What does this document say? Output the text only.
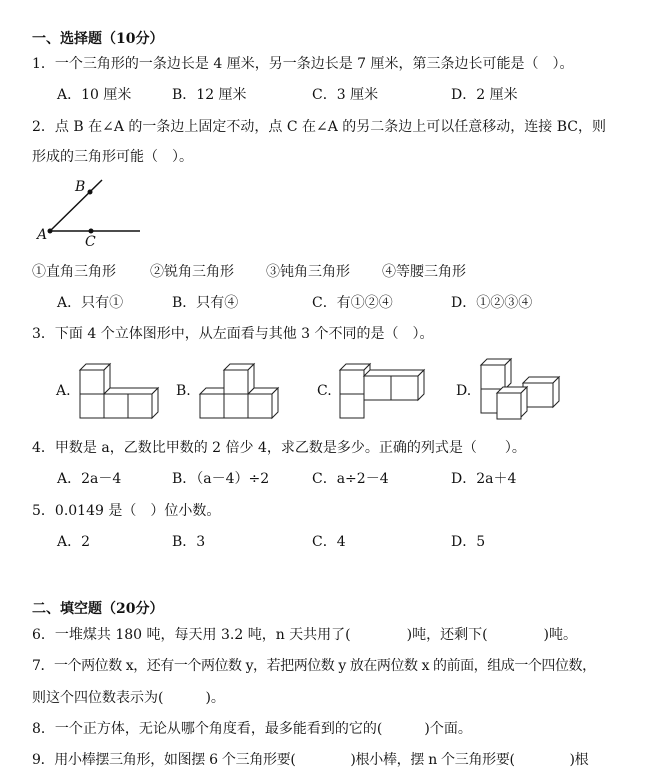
一、选择题（10分）
1．一个三角形的一条边长是 4 厘米，另一条边长是 7 厘米，第三条边长可能是（　）。
A．10 厘米	B．12 厘米	C．3 厘米	D．2 厘米
2．点 B 在∠A 的一条边上固定不动，点 C 在∠A 的另二条边上可以任意移动，连接 BC，则
形成的三角形可能（　）。
B
A	C
①直角三角形 ②锐角三角形 ③钝角三角形 ④等腰三角形
A．只有①	B．只有④	C．有①②④	D．①②③④
3．下面 4 个立体图形中，从左面看与其他 3 个不同的是（　）。
A.	B.	C.	D.
4．甲数是 a，乙数比甲数的 2 倍少 4，求乙数是多少。正确的列式是（　　）。
A．2a－4	B．（a－4）÷2	C．a÷2－4	D．2a＋4
5．0.0149 是（　）位小数。
A．2	B．3	C．4	D．5
二、填空题（20分）
6．一堆煤共 180 吨，每天用 3.2 吨，n 天共用了(　　　　)吨，还剩下(　　　　)吨。
7．一个两位数 x，还有一个两位数 y，若把两位数 y 放在两位数 x 的前面，组成一个四位数，
则这个四位数表示为(　　　)。
8．一个正方体，无论从哪个角度看，最多能看到的它的(　　　)个面。
9．用小棒摆三角形，如图摆 6 个三角形要(　　　　)根小棒，摆 n 个三角形要(　　　　)根
